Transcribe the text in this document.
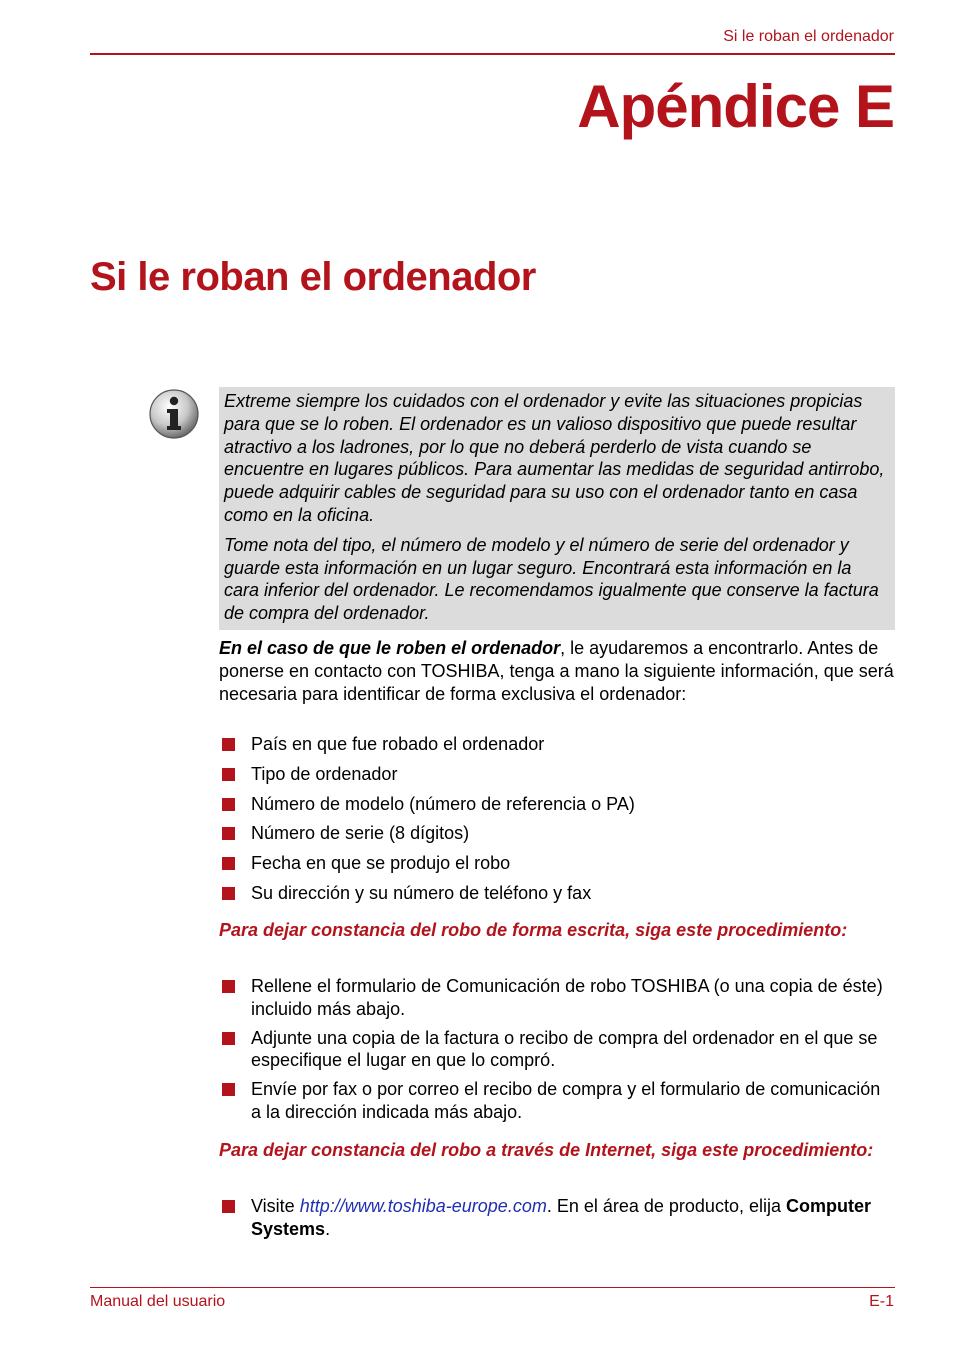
Si le roban el ordenador
Apéndice E
Si le roban el ordenador

Extreme siempre los cuidados con el ordenador y evite las situaciones propicias para que se lo roben. El ordenador es un valioso dispositivo que puede resultar atractivo a los ladrones, por lo que no deberá perderlo de vista cuando se encuentre en lugares públicos. Para aumentar las medidas de seguridad antirrobo, puede adquirir cables de seguridad para su uso con el ordenador tanto en casa como en la oficina.

Tome nota del tipo, el número de modelo y el número de serie del ordenador y guarde esta información en un lugar seguro. Encontrará esta información en la cara inferior del ordenador. Le recomendamos igualmente que conserve la factura de compra del ordenador.

En el caso de que le roben el ordenador, le ayudaremos a encontrarlo. Antes de ponerse en contacto con TOSHIBA, tenga a mano la siguiente información, que será necesaria para identificar de forma exclusiva el ordenador:

País en que fue robado el ordenador
Tipo de ordenador
Número de modelo (número de referencia o PA)
Número de serie (8 dígitos)
Fecha en que se produjo el robo
Su dirección y su número de teléfono y fax

Para dejar constancia del robo de forma escrita, siga este procedimiento:

Rellene el formulario de Comunicación de robo TOSHIBA (o una copia de éste) incluido más abajo.
Adjunte una copia de la factura o recibo de compra del ordenador en el que se especifique el lugar en que lo compró.
Envíe por fax o por correo el recibo de compra y el formulario de comunicación a la dirección indicada más abajo.

Para dejar constancia del robo a través de Internet, siga este procedimiento:

Visite http://www.toshiba-europe.com. En el área de producto, elija Computer Systems.
Manual del usuario	E-1
